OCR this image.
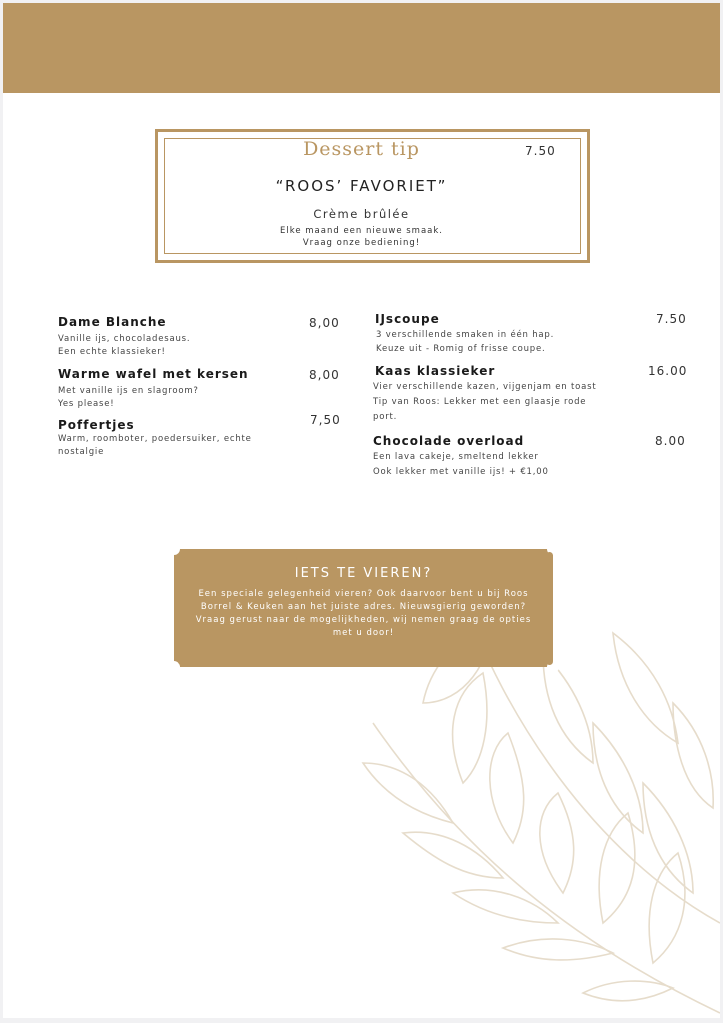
Dessert tip	7.50
“ROOS’ FAVORIET”
Crème brûlée
Elke maand een nieuwe smaak.
Vraag onze bediening!
Dame Blanche	8,00
Vanille ijs, chocoladesaus.
Een echte klassieker!
Warme wafel met kersen	8,00
Met vanille ijs en slagroom?
Yes please!
Poffertjes	7,50
Warm, roomboter, poedersuiker, echte
nostalgie
IJscoupe	7.50
3 verschillende smaken in één hap.
Keuze uit - Romig of frisse coupe.
Kaas klassieker	16.00
Vier verschillende kazen, vijgenjam en toast
Tip van Roos: Lekker met een glaasje rode
port.
Chocolade overload	8.00
Een lava cakeje, smeltend lekker
Ook lekker met vanille ijs! + €1,00
IETS TE VIEREN?
Een speciale gelegenheid vieren? Ook daarvoor bent u bij Roos Borrel & Keuken aan het juiste adres. Nieuwsgierig geworden? Vraag gerust naar de mogelijkheden, wij nemen graag de opties met u door!
